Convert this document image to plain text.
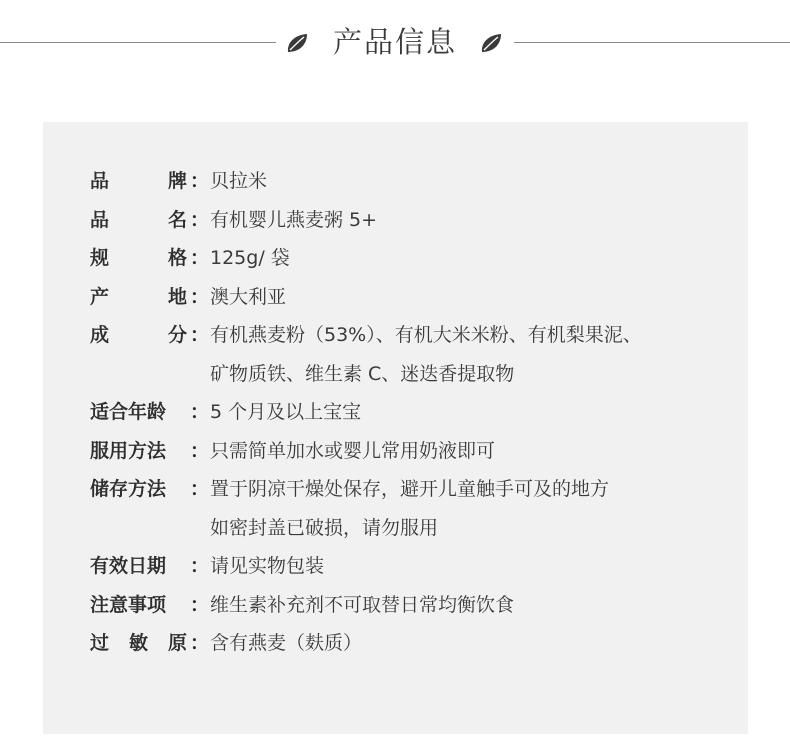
产品信息
品	牌 ： 贝拉米
品	名 ： 有机婴儿燕麦粥 5+
规	格 ： 125g/ 袋
产	地 ： 澳大利亚
成	分 ： 有机燕麦粉（53%）、有机大米米粉、有机梨果泥、
矿物质铁、维生素 C、迷迭香提取物
适合年龄 ： 5 个月及以上宝宝
服用方法 ： 只需简单加水或婴儿常用奶液即可
储存方法 ： 置于阴凉干燥处保存，避开儿童触手可及的地方
如密封盖已破损，请勿服用
有效日期 ： 请见实物包装
注意事项 ： 维生素补充剂不可取替日常均衡饮食
过 敏 原 ： 含有燕麦（麸质）
